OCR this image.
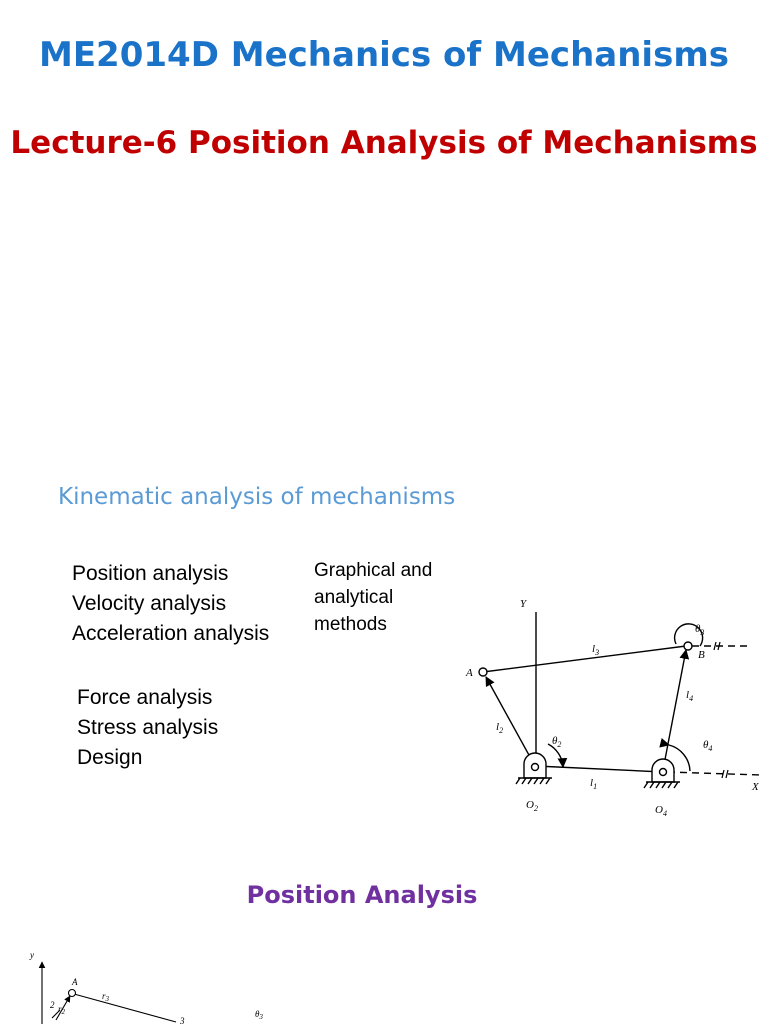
ME2014D Mechanics of Mechanisms
Lecture-6 Position Analysis of Mechanisms
Kinematic analysis of mechanisms
Position analysis
Velocity analysis
Acceleration analysis
Force analysis
Stress analysis
Design
Graphical and analytical methods
Y
X
A
B
$O_2$	$O_4$
$l_1$
$l_2$
$l_3$
$l_4$
$\theta_2$
$\theta_3$
$\theta_4$
Position Analysis
y
A
$r_2$
$r_3$
2
3
$\theta_3$
